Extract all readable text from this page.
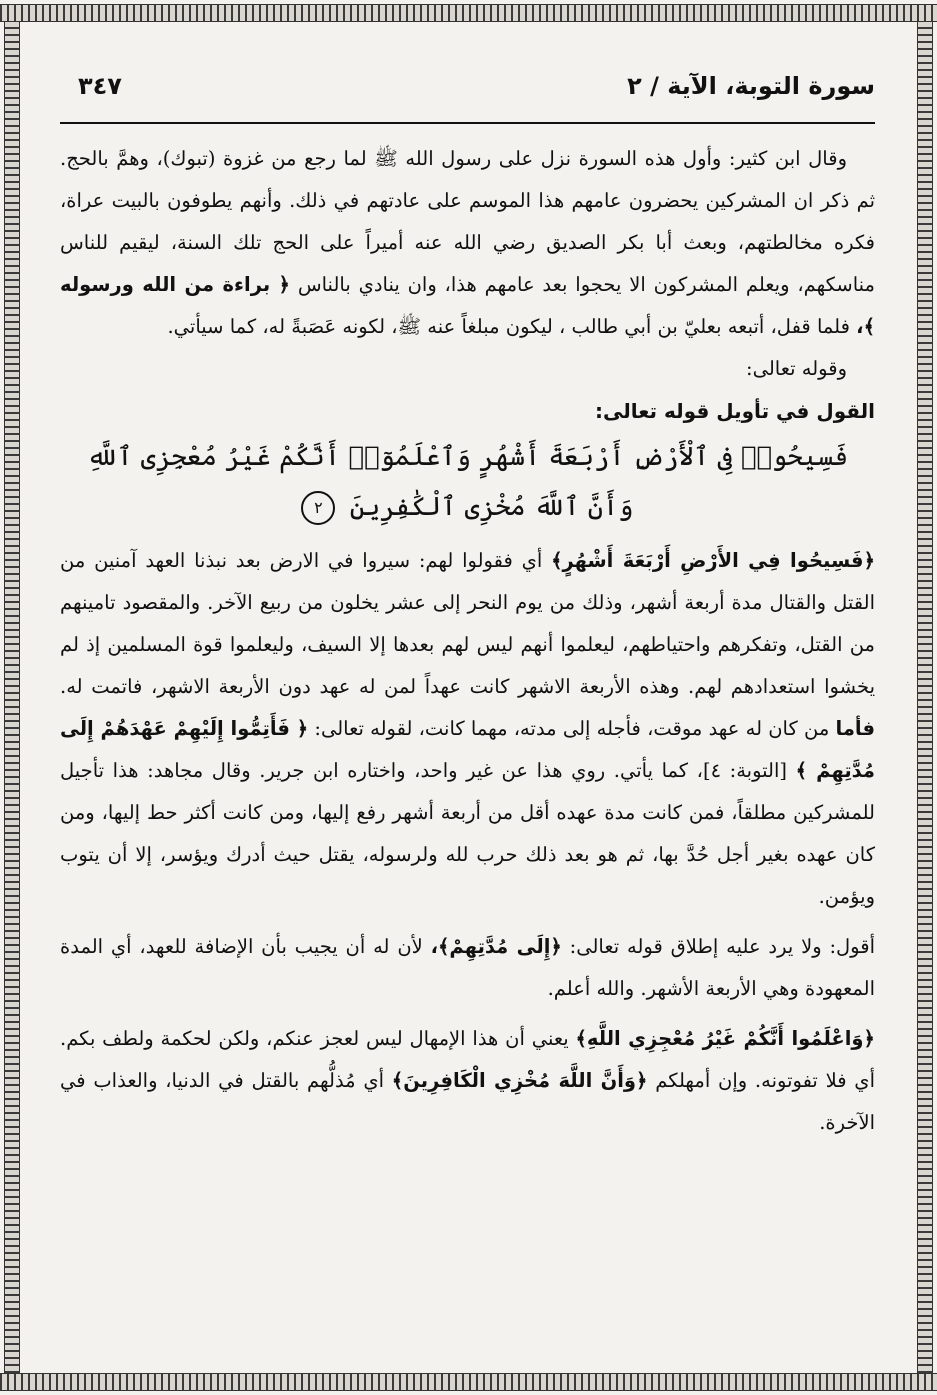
سورة التوبة، الآية / ٢
٣٤٧

وقال ابن كثير: وأول هذه السورة نزل على رسول الله ﷺ لما رجع من غزوة (تبوك)، وهمَّ بالحج. ثم ذكر ان المشركين يحضرون عامهم هذا الموسم على عادتهم في ذلك. وأنهم يطوفون بالبيت عراة، فكره مخالطتهم، وبعث أبا بكر الصديق رضي الله عنه أميراً على الحج تلك السنة، ليقيم للناس مناسكهم، ويعلم المشركون الا يحجوا بعد عامهم هذا، وان ينادي بالناس ﴿ براءة من الله ورسوله ﴾، فلما قفل، أتبعه بعليّ بن أبي طالب ، ليكون مبلغاً عنه ﷺ، لكونه عَصَبةً له، كما سيأتي.

وقوله تعالى:

القول في تأويل قوله تعالى:

فَسِيحُوا۟ فِى ٱلْأَرْضِ أَرْبَعَةَ أَشْهُرٍ وَٱعْلَمُوٓا۟ أَنَّكُمْ غَيْرُ مُعْجِزِى ٱللَّهِ وَأَنَّ ٱللَّهَ مُخْزِى ٱلْكَٰفِرِينَ ٢

﴿فَسِيحُوا فِي الأَرْضِ أَرْبَعَةَ أَشْهُرٍ﴾ أي فقولوا لهم: سيروا في الارض بعد نبذنا العهد آمنين من القتل والقتال مدة أربعة أشهر، وذلك من يوم النحر إلى عشر يخلون من ربيع الآخر. والمقصود تامينهم من القتل، وتفكرهم واحتياطهم، ليعلموا أنهم ليس لهم بعدها إلا السيف، وليعلموا قوة المسلمين إذ لم يخشوا استعدادهم لهم. وهذه الأربعة الاشهر كانت عهداً لمن له عهد دون الأربعة الاشهر، فاتمت له. فأما من كان له عهد موقت، فأجله إلى مدته، مهما كانت، لقوله تعالى: ﴿ فَأَتِمُّوا إِلَيْهِمْ عَهْدَهُمْ إِلَى مُدَّتِهِمْ ﴾ [التوبة: ٤]، كما يأتي. روي هذا عن غير واحد، واختاره ابن جرير. وقال مجاهد: هذا تأجيل للمشركين مطلقاً، فمن كانت مدة عهده أقل من أربعة أشهر رفع إليها، ومن كانت أكثر حط إليها، ومن كان عهده بغير أجل حُدَّ بها، ثم هو بعد ذلك حرب لله ولرسوله، يقتل حيث أدرك ويؤسر، إلا أن يتوب ويؤمن.

أقول: ولا يرد عليه إطلاق قوله تعالى: ﴿إِلَى مُدَّتِهِمْ﴾، لأن له أن يجيب بأن الإضافة للعهد، أي المدة المعهودة وهي الأربعة الأشهر. والله أعلم.

﴿وَاعْلَمُوا أَنَّكُمْ غَيْرُ مُعْجِزِي اللَّهِ﴾ يعني أن هذا الإمهال ليس لعجز عنكم، ولكن لحكمة ولطف بكم. أي فلا تفوتونه. وإن أمهلكم ﴿وَأَنَّ اللَّهَ مُخْزِي الْكَافِرِينَ﴾ أي مُذلُّهم بالقتل في الدنيا، والعذاب في الآخرة.
